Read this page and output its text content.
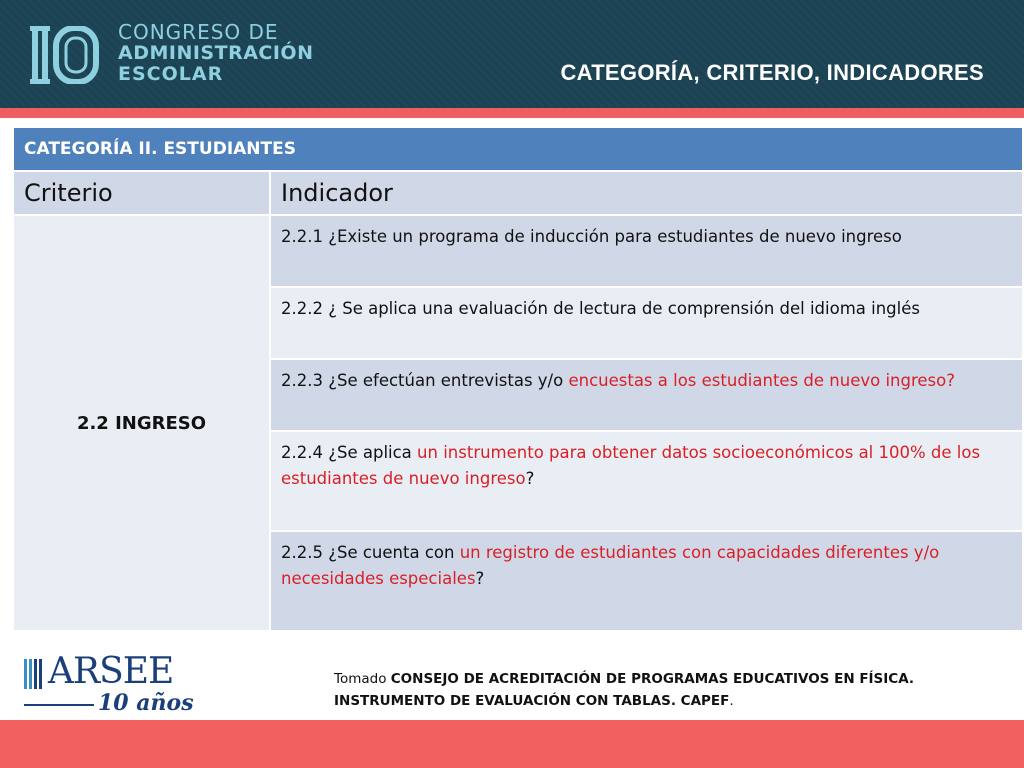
CONGRESO DE
ADMINISTRACIÓN
ESCOLAR	CATEGORÍA, CRITERIO, INDICADORES
CATEGORÍA II. ESTUDIANTES	
Criterio	Indicador
2.2 INGRESO	2.2.1 ¿Existe un programa de inducción para estudiantes de nuevo ingreso
	2.2.2 ¿ Se aplica una evaluación de lectura de comprensión del idioma inglés
	2.2.3 ¿Se efectúan entrevistas y/o encuestas a los estudiantes de nuevo ingreso?
	2.2.4 ¿Se aplica un instrumento para obtener datos socioeconómicos al 100% de los estudiantes de nuevo ingreso?
	2.2.5 ¿Se cuenta con un registro de estudiantes con capacidades diferentes y/o necesidades especiales?
ARSEE
10 años
Tomado CONSEJO DE ACREDITACIÓN DE PROGRAMAS EDUCATIVOS EN FÍSICA. INSTRUMENTO DE EVALUACIÓN CON TABLAS. CAPEF.
